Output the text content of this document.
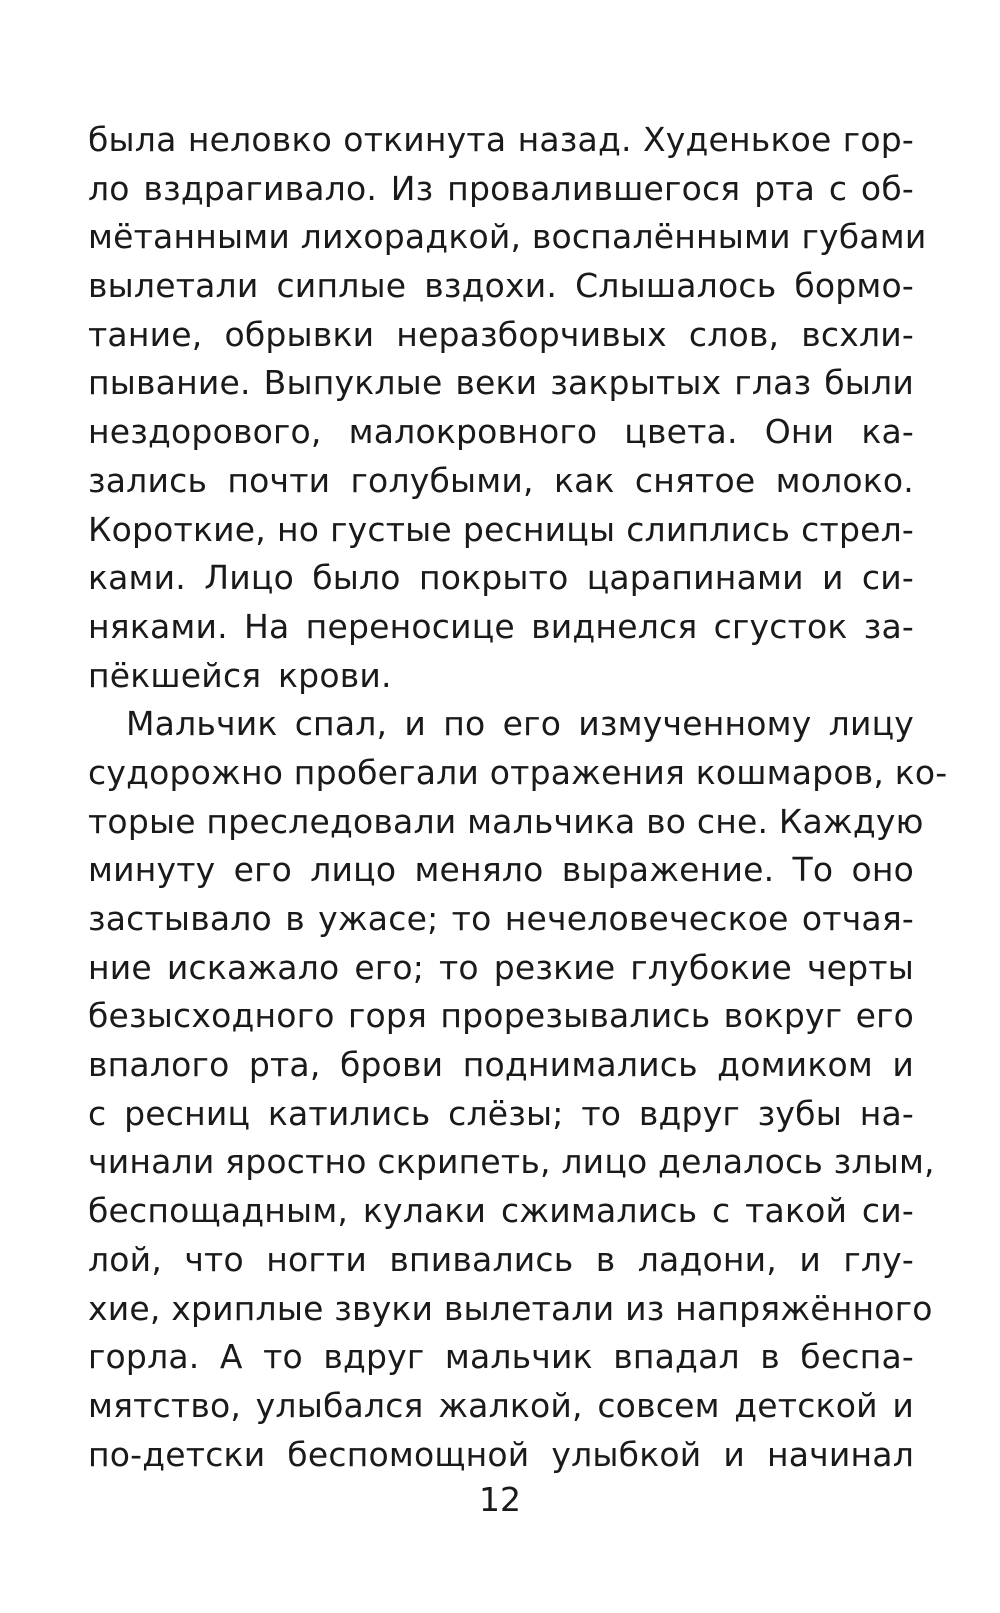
была неловко откинута назад. Худенькое гор-
ло вздрагивало. Из провалившегося рта с об-
мётанными лихорадкой, воспалёнными губами
вылетали сиплые вздохи. Слышалось бормо-
тание, обрывки неразборчивых слов, всхли-
пывание. Выпуклые веки закрытых глаз были
нездорового, малокровного цвета. Они ка-
зались почти голубыми, как снятое молоко.
Короткие, но густые ресницы слиплись стрел-
ками. Лицо было покрыто царапинами и си-
няками. На переносице виднелся сгусток за-
пёкшейся крови.
Мальчик спал, и по его измученному лицу
судорожно пробегали отражения кошмаров, ко-
торые преследовали мальчика во сне. Каждую
минуту его лицо меняло выражение. То оно
застывало в ужасе; то нечеловеческое отчая-
ние искажало его; то резкие глубокие черты
безысходного горя прорезывались вокруг его
впалого рта, брови поднимались домиком и
с ресниц катились слёзы; то вдруг зубы на-
чинали яростно скрипеть, лицо делалось злым,
беспощадным, кулаки сжимались с такой си-
лой, что ногти впивались в ладони, и глу-
хие, хриплые звуки вылетали из напряжённого
горла. А то вдруг мальчик впадал в беспа-
мятство, улыбался жалкой, совсем детской и
по-детски беспомощной улыбкой и начинал
12
